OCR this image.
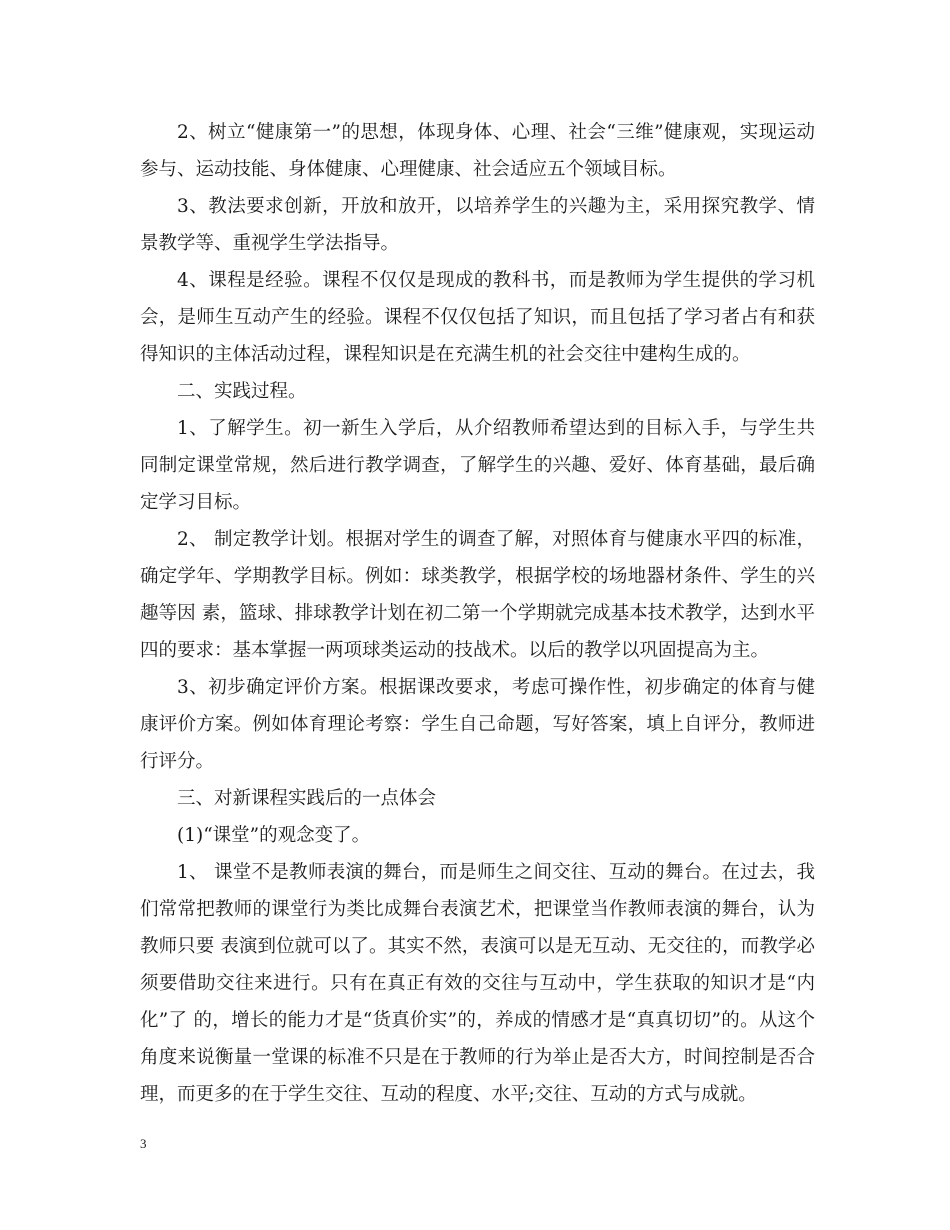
2、树立“健康第一”的思想，体现身体、心理、社会“三维”健康观，实现运动参与、运动技能、身体健康、心理健康、社会适应五个领域目标。

3、教法要求创新，开放和放开，以培养学生的兴趣为主，采用探究教学、情景教学等、重视学生学法指导。

4、课程是经验。课程不仅仅是现成的教科书，而是教师为学生提供的学习机会，是师生互动产生的经验。课程不仅仅包括了知识，而且包括了学习者占有和获得知识的主体活动过程，课程知识是在充满生机的社会交往中建构生成的。

二、实践过程。

1、了解学生。初一新生入学后，从介绍教师希望达到的目标入手，与学生共同制定课堂常规，然后进行教学调查，了解学生的兴趣、爱好、体育基础，最后确定学习目标。

2、 制定教学计划。根据对学生的调查了解，对照体育与健康水平四的标准，确定学年、学期教学目标。例如：球类教学，根据学校的场地器材条件、学生的兴趣等因 素，篮球、排球教学计划在初二第一个学期就完成基本技术教学，达到水平四的要求：基本掌握一两项球类运动的技战术。以后的教学以巩固提高为主。

3、初步确定评价方案。根据课改要求，考虑可操作性，初步确定的体育与健康评价方案。例如体育理论考察：学生自己命题，写好答案，填上自评分，教师进行评分。

三、对新课程实践后的一点体会

(1)“课堂”的观念变了。

1、 课堂不是教师表演的舞台，而是师生之间交往、互动的舞台。在过去，我们常常把教师的课堂行为类比成舞台表演艺术，把课堂当作教师表演的舞台，认为教师只要 表演到位就可以了。其实不然，表演可以是无互动、无交往的，而教学必须要借助交往来进行。只有在真正有效的交往与互动中，学生获取的知识才是“内化”了 的，增长的能力才是“货真价实”的，养成的情感才是“真真切切”的。从这个角度来说衡量一堂课的标准不只是在于教师的行为举止是否大方，时间控制是否合 理，而更多的在于学生交往、互动的程度、水平;交往、互动的方式与成就。

3
